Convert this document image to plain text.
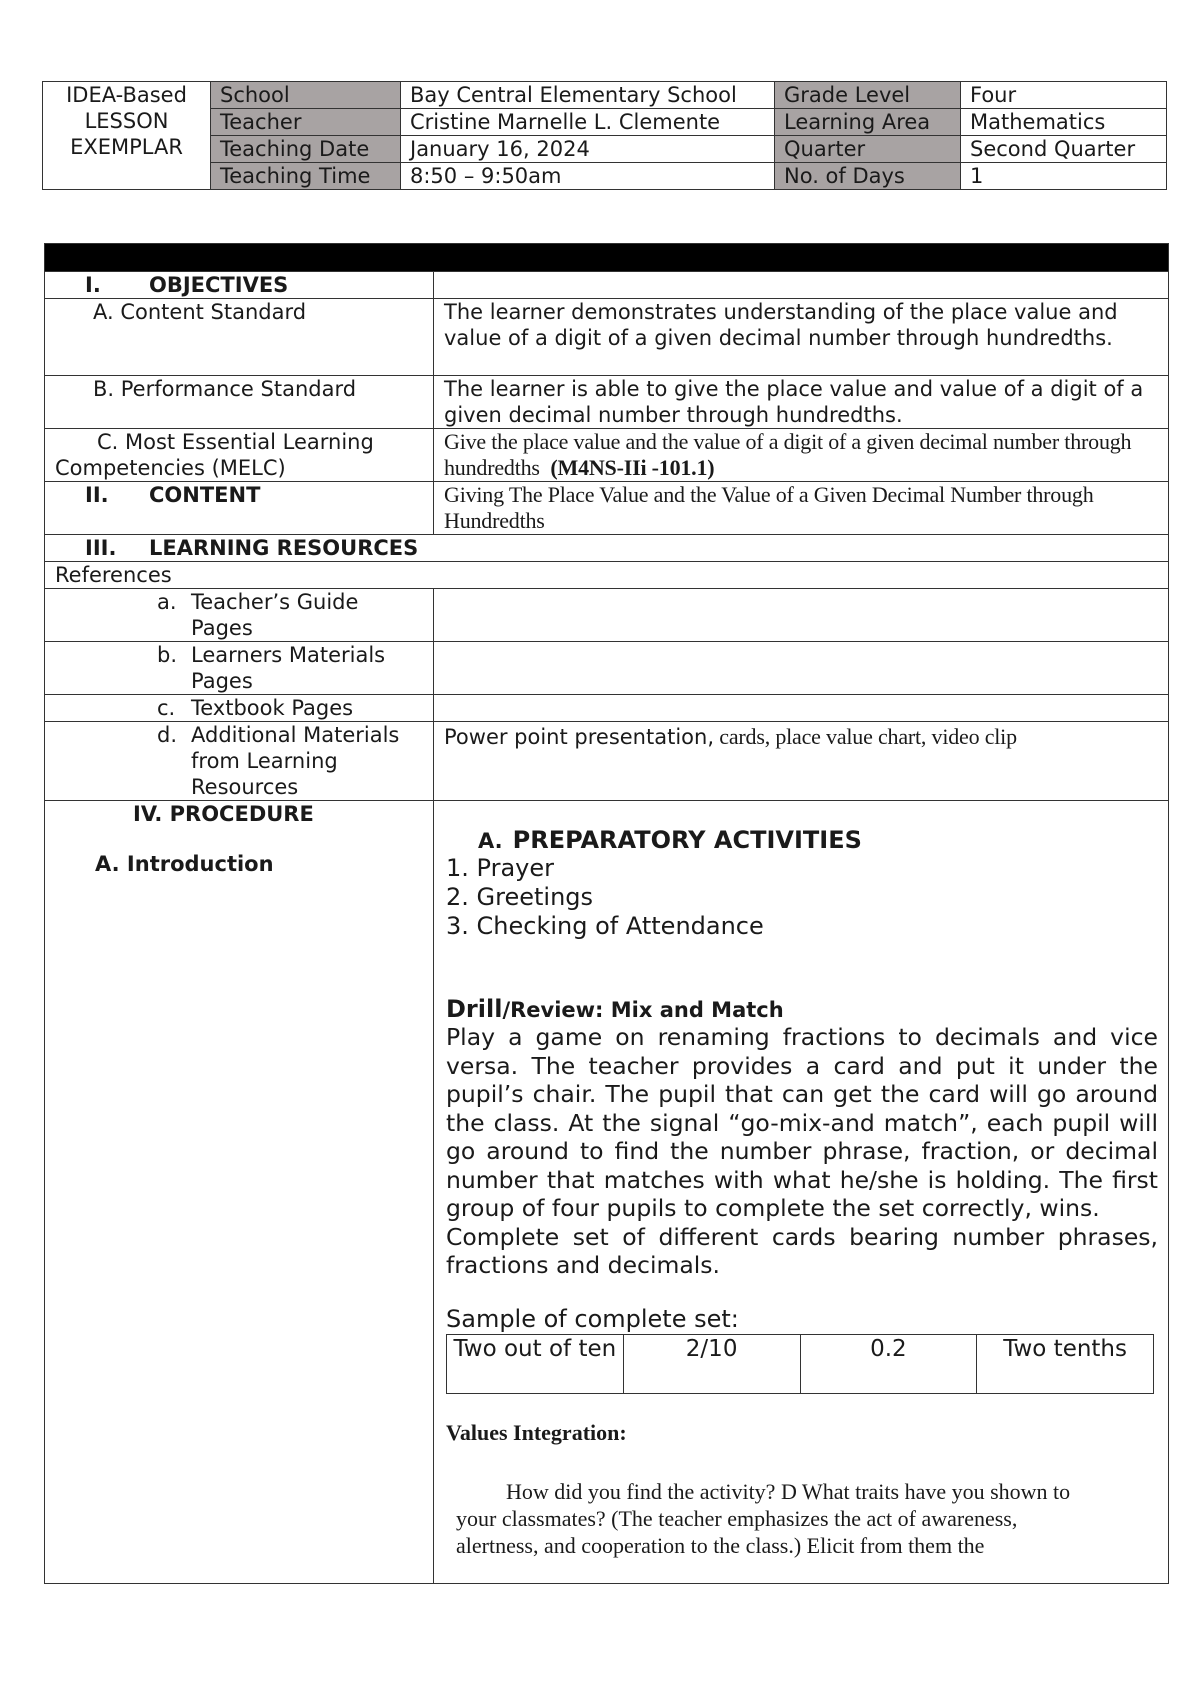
IDEA-Based
LESSON
EXEMPLAR	School	Bay Central Elementary School	Grade Level	Four
	Teacher	Cristine Marnelle L. Clemente	Learning Area	Mathematics
	Teaching Date	January 16, 2024	Quarter	Second Quarter
	Teaching Time	8:50 – 9:50am	No. of Days	1

I. OBJECTIVES	
A. Content Standard	The learner demonstrates understanding of the place value and value of a digit of a given decimal number through hundredths.
B. Performance Standard	The learner is able to give the place value and value of a digit of a given decimal number through hundredths.

C. Most Essential Learning
Competencies (MELC)
	Give the place value and the value of a digit of a given decimal number through hundredths (M4NS-IIi -101.1)
II. CONTENT	Giving The Place Value and the Value of a Given Decimal Number through Hundredths
III. LEARNING RESOURCES
References

a. Teacher’s Guide Pages

b. Learners Materials Pages

c. Textbook Pages

d. Additional Materials from Learning Resources
	Power point presentation, cards, place value chart, video clip

IV. PROCEDURE
A. Introduction

A. PREPARATORY ACTIVITIES
1. Prayer
2. Greetings
3. Checking of Attendance
Drill/Review: Mix and Match

Play a game on renaming fractions to decimals and vice versa. The teacher provides a card and put it under the pupil’s chair. The pupil that can get the card will go around the class. At the signal “go-mix-and match”, each pupil will go around to find the number phrase, fraction, or decimal number that matches with what he/she is holding. The first group of four pupils to complete the set correctly, wins.

Complete set of different cards bearing number phrases, fractions and decimals.

Sample of complete set:
Two out of ten	2/10	0.2	Two tenths
Values Integration:
How did you find the activity? D What traits have you shown to
your classmates? (The teacher emphasizes the act of awareness,
alertness, and cooperation to the class.) Elicit from them the
